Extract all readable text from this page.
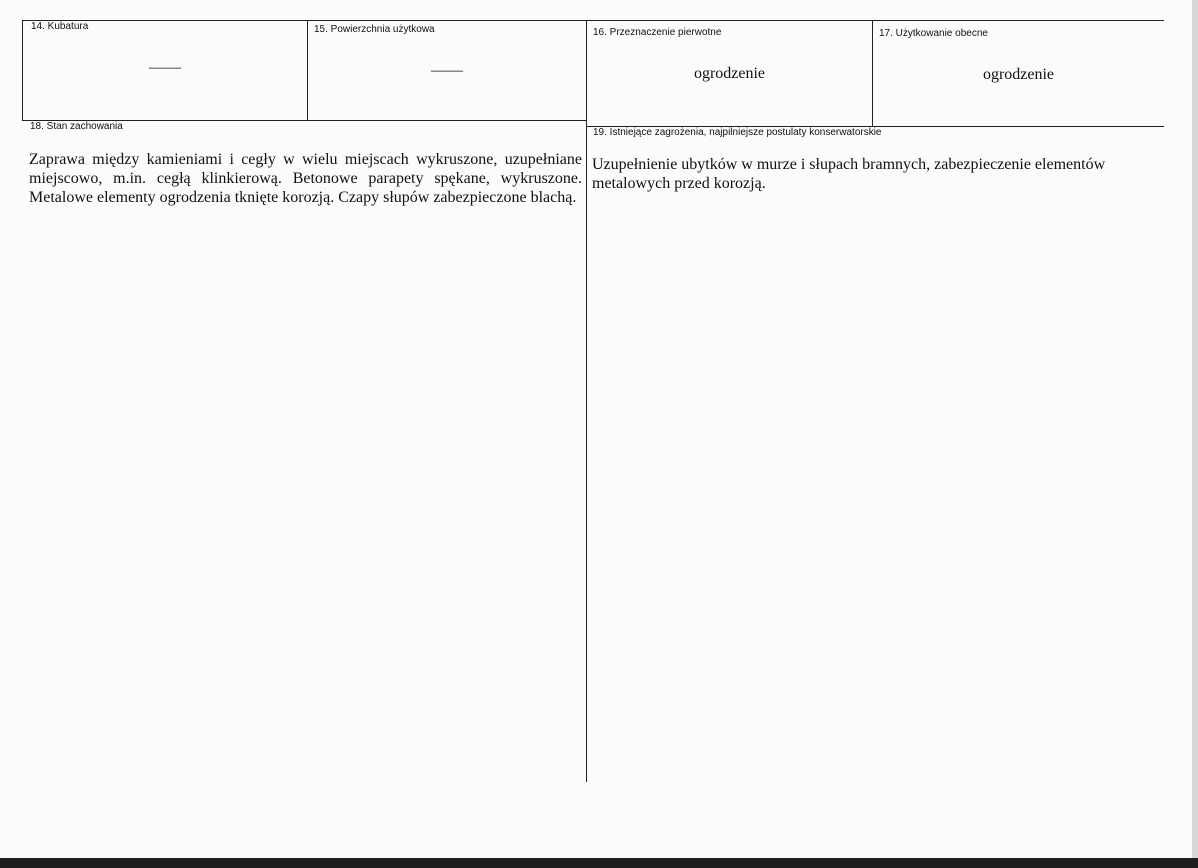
14. Kubatura
——
15. Powierzchnia użytkowa
——
16. Przeznaczenie pierwotne
ogrodzenie
17. Użytkowanie obecne
ogrodzenie
18. Stan zachowania
Zaprawa między kamieniami i cegły w wielu miejscach wykruszone, uzupełniane miejscowo, m.in. cegłą klinkierową. Betonowe parapety spękane, wykruszone. Metalowe elementy ogrodzenia tknięte korozją. Czapy słupów zabezpieczone blachą.
19. Istniejące zagrożenia, najpilniejsze postulaty konserwatorskie
Uzupełnienie ubytków w murze i słupach bramnych, zabezpieczenie elementów metalowych przed korozją.
